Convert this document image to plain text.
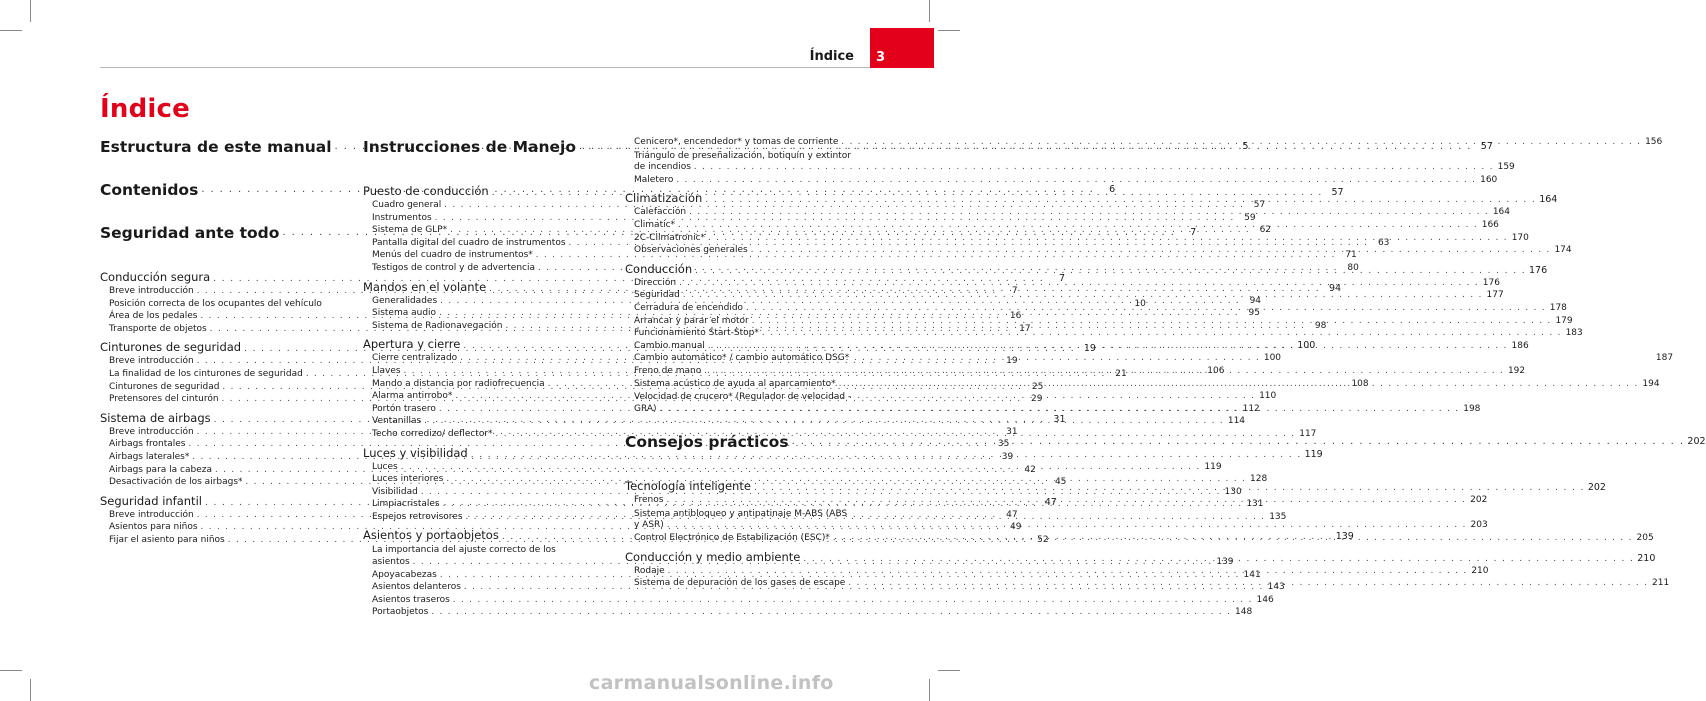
Índice 3
Índice
Estructura de este manual . . .	5
Contenidos . . .	6
Seguridad ante todo . . .	7
Conducción segura . . .	7
Breve introducción . . .	7
Posición correcta de los ocupantes del vehículo	10
Área de los pedales . . .	16
Transporte de objetos . . .	17
Cinturones de seguridad . . .	19
Breve introducción . . .	19
La finalidad de los cinturones de seguridad . . .	21
Cinturones de seguridad . . .	25
Pretensores del cinturón . . .	29
Sistema de airbags . . .	31
Breve introducción . . .	31
Airbags frontales . . .	35
Airbags laterales* . . .	39
Airbags para la cabeza . . .	42
Desactivación de los airbags* . . .	45
Seguridad infantil . . .	47
Breve introducción . . .	47
Asientos para niños . . .	49
Fijar el asiento para niños . . .	52
Instrucciones de Manejo . . .	57
Puesto de conducción . . .	57
Cuadro general . . .	57
Instrumentos . . .	59
Sistema de GLP* . . .	62
Pantalla digital del cuadro de instrumentos . . .	63
Menús del cuadro de instrumentos* . . .	71
Testigos de control y de advertencia . . .	80
Mandos en el volante . . .	94
Generalidades . . .	94
Sistema audio . . .	95
Sistema de Radionavegación . . .	98
Apertura y cierre . . .	100
Cierre centralizado . . .	100
Llaves . . .	106
Mando a distancia por radiofrecuencia . . .	108
Alarma antirrobo* . . .	110
Portón trasero . . .	112
Ventanillas . . .	114
Techo corredizo/ deflector* . . .	117
Luces y visibilidad . . .	119
Luces . . .	119
Luces interiores . . .	128
Visibilidad . . .	130
Limpiacristales . . .	131
Espejos retrovisores . . .	135
Asientos y portaobjetos . . .	139
La importancia del ajuste correcto de los
asientos . . .	139
Apoyacabezas . . .	141
Asientos delanteros . . .	143
Asientos traseros . . .	146
Portaobjetos . . .	148
Cenicero*, encendedor* y tomas de corriente . . .	156
Triángulo de preseñalización, botiquín y extintor
de incendios . . .	159
Maletero . . .	160
Climatización . . .	164
Calefacción . . .	164
Climatic* . . .	166
2C-Climatronic* . . .	170
Observaciones generales . . .	174
Conducción . . .	176
Dirección . . .	176
Seguridad . . .	177
Cerradura de encendido . . .	178
Arrancar y parar el motor . . .	179
Funcionamiento Start-Stop* . . .	183
Cambio manual . . .	186
Cambio automático* / cambio automático DSG*	187
Freno de mano . . .	192
Sistema acústico de ayuda al aparcamiento* . . .	194
Velocidad de crucero* (Regulador de velocidad -
GRA) . . .	198
Consejos prácticos . . .	202
Tecnología inteligente . . .	202
Frenos . . .	202
Sistema antibloqueo y antipatinaje M-ABS (ABS
y ASR) . . .	203
Control Electrónico de Estabilización (ESC)* . . .	205
Conducción y medio ambiente . . .	210
Rodaje . . .	210
Sistema de depuración de los gases de escape . . .	211
carmanualsonline.info
